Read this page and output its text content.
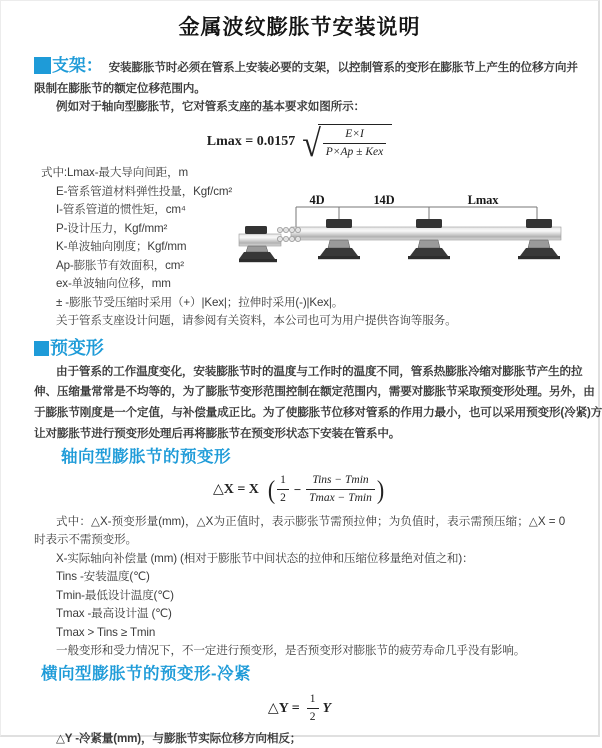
金属波纹膨胀节安装说明
支架： 安装膨胀节时必须在管系上安装必要的支架，以控制管系的变形在膨胀节上产生的位移方向并
限制在膨胀节的额定位移范围内。
例如对于轴向型膨胀节，它对管系支座的基本要求如图所示：
Lmax = 0.0157 √ $\frac{E\times I}{\text{P×Ap ± Kex}}$
式中:Lmax-最大导向间距，m
E-管系管道材料弹性投量，Kgf/cm²
I-管系管道的惯性矩，cm⁴
P-设计压力，Kgf/mm²
K-单波轴向刚度；Kgf/mm
Ap-膨胀节有效面积，cm²
ex-单波轴向位移，mm
± -膨胀节受压缩时采用（+）|Kex|；拉伸时采用(-)|Kex|。
关于管系支座设计问题，请参阅有关资料，本公司也可为用户提供咨询等服务。
预变形
由于管系的工作温度变化，安装膨胀节时的温度与工作时的温度不同，管系热膨胀冷缩对膨胀节产生的拉
伸、压缩量常常是不均等的，为了膨胀节变形范围控制在额定范围内，需要对膨胀节采取预变形处理。另外，由
于膨胀节刚度是一个定值，与补偿量成正比。为了使膨胀节位移对管系的作用力最小，也可以采用预变形(冷紧)方
让对膨胀节进行预变形处理后再将膨胀节在预变形状态下安装在管系中。
轴向型膨胀节的预变形
△X = X ( $\frac{1}{2} - \frac{\text{Tins − Tmin}}{Tmax - Tmin}$ )
式中：△X-预变形量(mm)，△X为正值时，表示膨张节需预拉伸；为负值时，表示需预压缩；△X = 0时表示不需预变形。
X-实际轴向补偿量 (mm) (相对于膨胀节中间状态的拉伸和压缩位移量绝对值之和)：
Tins -安装温度(℃)
Tmin-最低设计温度(℃)
Tmax -最高设计温 (℃)
Tmax > Tins ≥ Tmin
一般变形和受力情况下，不一定进行预变形，是否预变形对膨胀节的疲劳寿命几乎没有影响。
横向型膨胀节的预变形-冷紧
△Y = $\frac{1}{2}$ Y
△Y -冷紧量(mm)，与膨胀节实际位移方向相反；
4D	14D	Lmax
